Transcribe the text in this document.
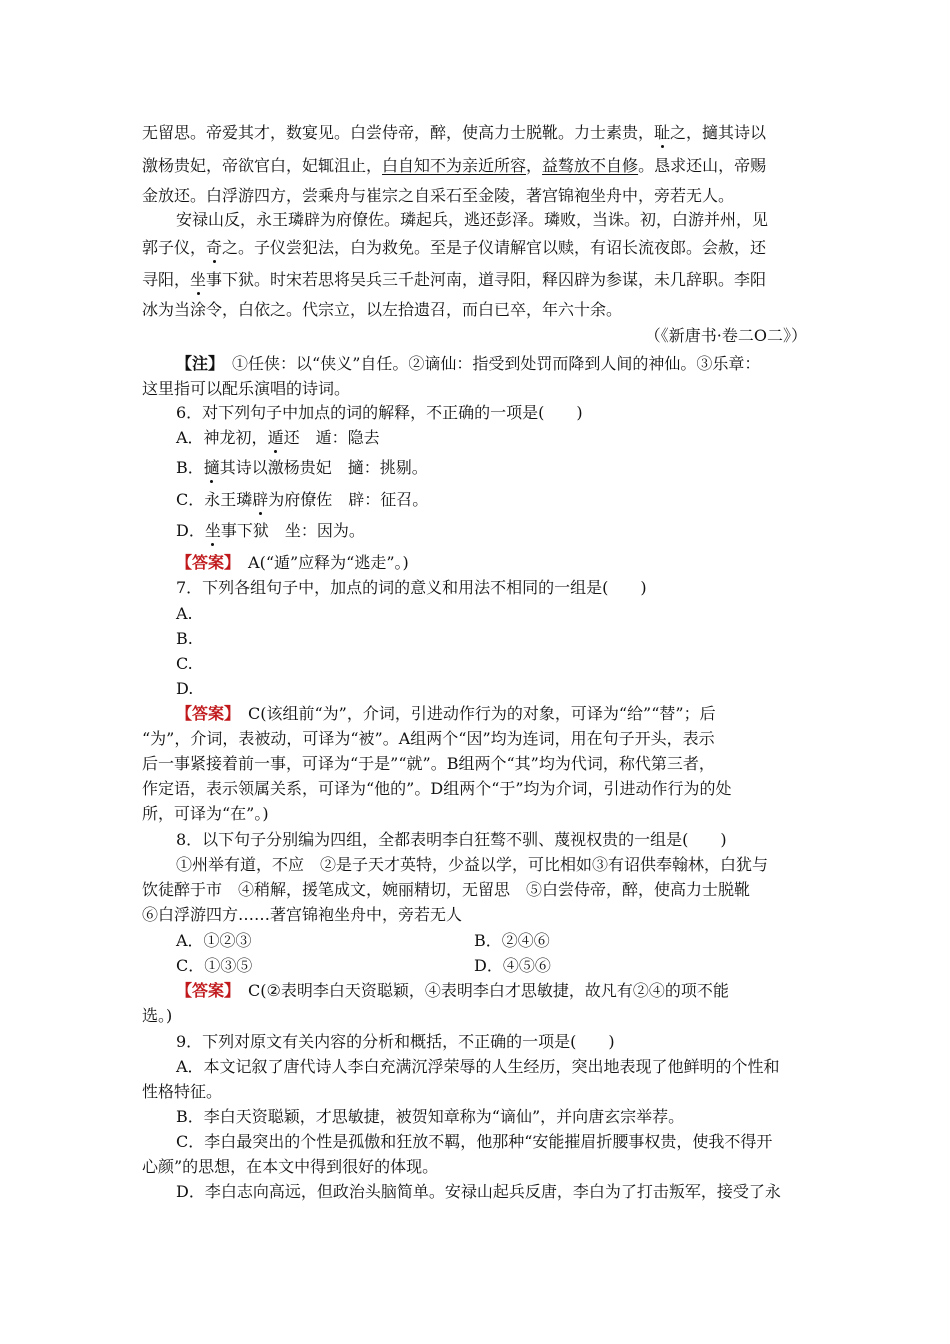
无留思。帝爱其才，数宴见。白尝侍帝，醉，使高力士脱靴。力士素贵，耻之，擿其诗以
激杨贵妃，帝欲官白，妃辄沮止，白自知不为亲近所容，益骜放不自修。恳求还山，帝赐
金放还。白浮游四方，尝乘舟与崔宗之自采石至金陵，著宫锦袍坐舟中，旁若无人。
安禄山反，永王璘辟为府僚佐。璘起兵，逃还彭泽。璘败，当诛。初，白游并州，见
郭子仪，奇之。子仪尝犯法，白为救免。至是子仪请解官以赎，有诏长流夜郎。会赦，还
寻阳，坐事下狱。时宋若思将吴兵三千赴河南，道寻阳，释囚辟为参谋，未几辞职。李阳
冰为当涂令，白依之。代宗立，以左拾遗召，而白已卒，年六十余。
（《新唐书·卷二О二》）
【注】　①任侠：以“侠义”自任。②谪仙：指受到处罚而降到人间的神仙。③乐章：
这里指可以配乐演唱的诗词。
6．对下列句子中加点的词的解释，不正确的一项是(　　)
A．神龙初，遁还　遁：隐去
B．擿其诗以激杨贵妃　擿：挑剔。
C．永王璘辟为府僚佐　辟：征召。
D．坐事下狱　坐：因为。
【答案】　A(“遁”应释为“逃走”。)
7．下列各组句子中，加点的词的意义和用法不相同的一组是(　　)
A.
B.
C.
D.
【答案】　C(该组前“为”，介词，引进动作行为的对象，可译为“给”“替”；后
“为”，介词，表被动，可译为“被”。A组两个“因”均为连词，用在句子开头，表示
后一事紧接着前一事，可译为“于是”“就”。B组两个“其”均为代词，称代第三者，
作定语，表示领属关系，可译为“他的”。D组两个“于”均为介词，引进动作行为的处
所，可译为“在”。)
8．以下句子分别编为四组，全都表明李白狂骜不驯、蔑视权贵的一组是(　　)
①州举有道，不应　②是子天才英特，少益以学，可比相如③有诏供奉翰林，白犹与
饮徒醉于市　④稍解，援笔成文，婉丽精切，无留思　⑤白尝侍帝，醉，使高力士脱靴
⑥白浮游四方……著宫锦袍坐舟中，旁若无人
A．①②③	B．②④⑥
C．①③⑤	D．④⑤⑥
【答案】　C(②表明李白天资聪颖，④表明李白才思敏捷，故凡有②④的项不能
选。)
9．下列对原文有关内容的分析和概括，不正确的一项是(　　)
A．本文记叙了唐代诗人李白充满沉浮荣辱的人生经历，突出地表现了他鲜明的个性和
性格特征。
B．李白天资聪颖，才思敏捷，被贺知章称为“谪仙”，并向唐玄宗举荐。
C．李白最突出的个性是孤傲和狂放不羁，他那种“安能摧眉折腰事权贵，使我不得开
心颜”的思想，在本文中得到很好的体现。
D．李白志向高远，但政治头脑简单。安禄山起兵反唐，李白为了打击叛军，接受了永
